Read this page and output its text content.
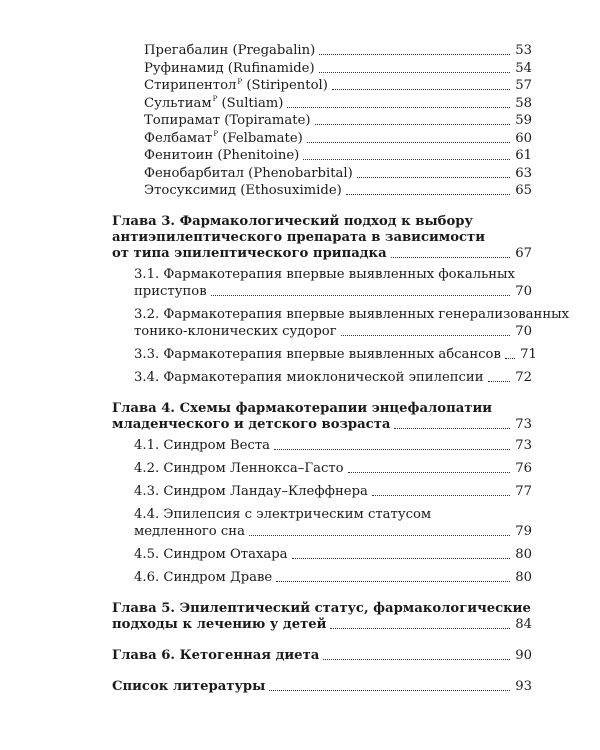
Прегабалин (Pregabalin)	53
Руфинамид (Rufinamide)	54
Стирипентол$^Р$ (Stiripentol)	57
Сультиам$^Р$ (Sultiam)	58
Топирамат (Topiramate)	59
Фелбамат$^Р$ (Felbamate)	60
Фенитоин (Phenitoine)	61
Фенобарбитал (Phenobarbital)	63
Этосуксимид (Ethosuximide)	65
Глава 3. Фармакологический подход к выбору
антиэпилептического препарата в зависимости
от типа эпилептического припадка	67
3.1. Фармакотерапия впервые выявленных фокальных
приступов	70
3.2. Фармакотерапия впервые выявленных генерализованных
тонико-клонических судорог	70
3.3. Фармакотерапия впервые выявленных абсансов 71
3.4. Фармакотерапия миоклонической эпилепсии 72
Глава 4. Схемы фармакотерапии энцефалопатии
младенческого и детского возраста	73
4.1. Синдром Веста	73
4.2. Синдром Леннокса–Гасто	76
4.3. Синдром Ландау–Клеффнера	77
4.4. Эпилепсия с электрическим статусом
медленного сна	79
4.5. Синдром Отахара	80
4.6. Синдром Драве	80
Глава 5. Эпилептический статус, фармакологические
подходы к лечению у детей	84
Глава 6. Кетогенная диета	90
Список литературы	93
